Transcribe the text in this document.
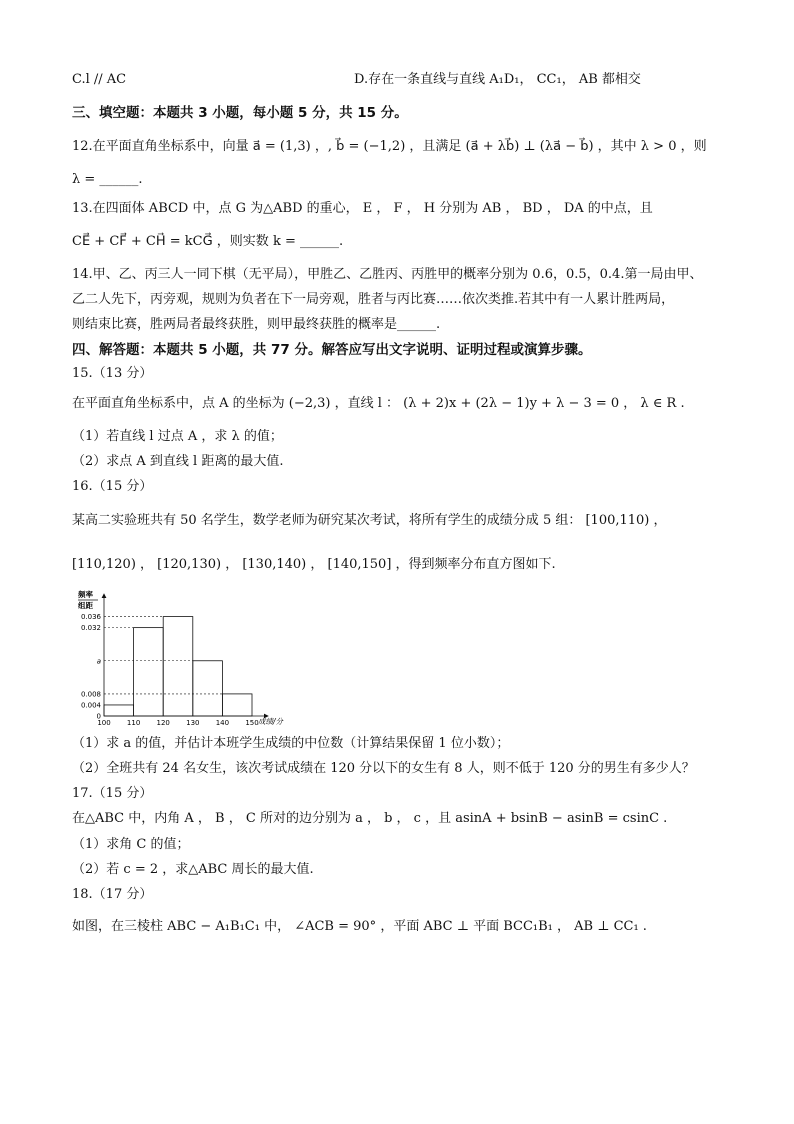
C.l // AC	D.存在一条直线与直线 A₁D₁， CC₁， AB 都相交
三、填空题：本题共 3 小题，每小题 5 分，共 15 分。
12.在平面直角坐标系中，向量 a⃗ = (1,3) ，, b⃗ = (−1,2) ，且满足 (a⃗ + λb⃗) ⊥ (λa⃗ − b⃗) ，其中 λ > 0 ，则
λ = ______.
13.在四面体 ABCD 中，点 G 为△ABD 的重心， E ， F ， H 分别为 AB ， BD ， DA 的中点，且
CE⃗ + CF⃗ + CH⃗ = kCG⃗ ，则实数 k = ______.
14.甲、乙、丙三人一同下棋（无平局），甲胜乙、乙胜丙、丙胜甲的概率分别为 0.6，0.5，0.4.第一局由甲、
乙二人先下，丙旁观，规则为负者在下一局旁观，胜者与丙比赛……依次类推.若其中有一人累计胜两局，
则结束比赛，胜两局者最终获胜，则甲最终获胜的概率是______.
四、解答题：本题共 5 小题，共 77 分。解答应写出文字说明、证明过程或演算步骤。
15.（13 分）
在平面直角坐标系中，点 A 的坐标为 (−2,3) ，直线 l ： (λ + 2)x + (2λ − 1)y + λ − 3 = 0 ， λ ∈ R .
（1）若直线 l 过点 A ，求 λ 的值；
（2）求点 A 到直线 l 距离的最大值.
16.（15 分）
某高二实验班共有 50 名学生，数学老师为研究某次考试，将所有学生的成绩分成 5 组： [100,110) ，
[110,120) ， [120,130) ， [130,140) ， [140,150] ，得到频率分布直方图如下.
频率
组距
0.036
0.032
a
0.008
0.004
0
100 110 120 130 140 150 成绩/分
（1）求 a 的值，并估计本班学生成绩的中位数（计算结果保留 1 位小数）；
（2）全班共有 24 名女生，该次考试成绩在 120 分以下的女生有 8 人，则不低于 120 分的男生有多少人？
17.（15 分）
在△ABC 中，内角 A ， B ， C 所对的边分别为 a ， b ， c ，且 asinA + bsinB − asinB = csinC .
（1）求角 C 的值；
（2）若 c = 2 ，求△ABC 周长的最大值.
18.（17 分）
如图，在三棱柱 ABC − A₁B₁C₁ 中， ∠ACB = 90° ，平面 ABC ⊥ 平面 BCC₁B₁ ， AB ⊥ CC₁ .
